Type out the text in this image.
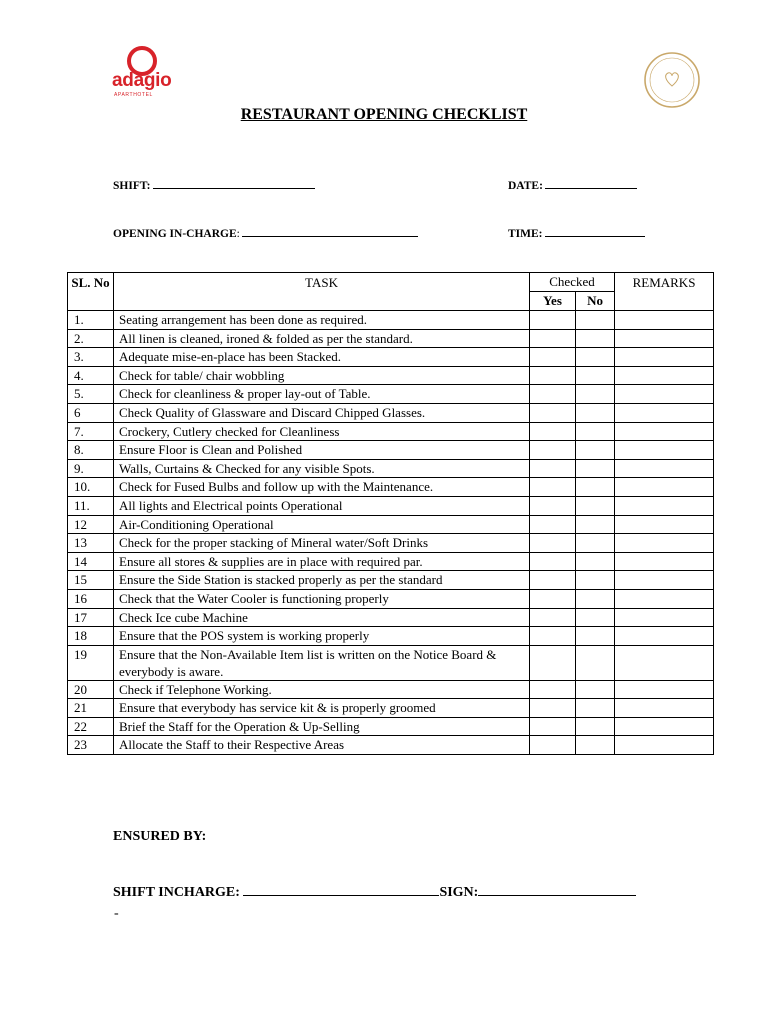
adagio
APARTHOTEL
RESTAURANT OPENING CHECKLIST
SHIFT:	DATE:
OPENING IN-CHARGE:	TIME:
SL. No	TASK	Checked		REMARKS
		Yes	No	
1.	Seating arrangement has been done as required.			
2.	All linen is cleaned, ironed & folded as per the standard.			
3.	Adequate mise-en-place has been Stacked.			
4.	Check for table/ chair wobbling			
5.	Check for cleanliness & proper lay-out of Table.			
6	Check Quality of Glassware and Discard Chipped Glasses.			
7.	Crockery, Cutlery checked for Cleanliness			
8.	Ensure Floor is Clean and Polished			
9.	Walls, Curtains & Checked for any visible Spots.			
10.	Check for Fused Bulbs and follow up with the Maintenance.			
11.	All lights and Electrical points Operational			
12	Air-Conditioning Operational			
13	Check for the proper stacking of Mineral water/Soft Drinks			
14	Ensure all stores & supplies are in place with required par.			
15	Ensure the Side Station is stacked properly as per the standard			
16	Check that the Water Cooler is functioning properly			
17	Check Ice cube Machine			
18	Ensure that the POS system is working properly			
19	Ensure that the Non-Available Item list is written on the Notice Board & everybody is aware.			
20	Check if Telephone Working.			
21	Ensure that everybody has service kit & is properly groomed			
22	Brief the Staff for the Operation & Up-Selling			
23	Allocate the Staff to their Respective Areas			
ENSURED BY:
SHIFT INCHARGE:	SIGN:
-
